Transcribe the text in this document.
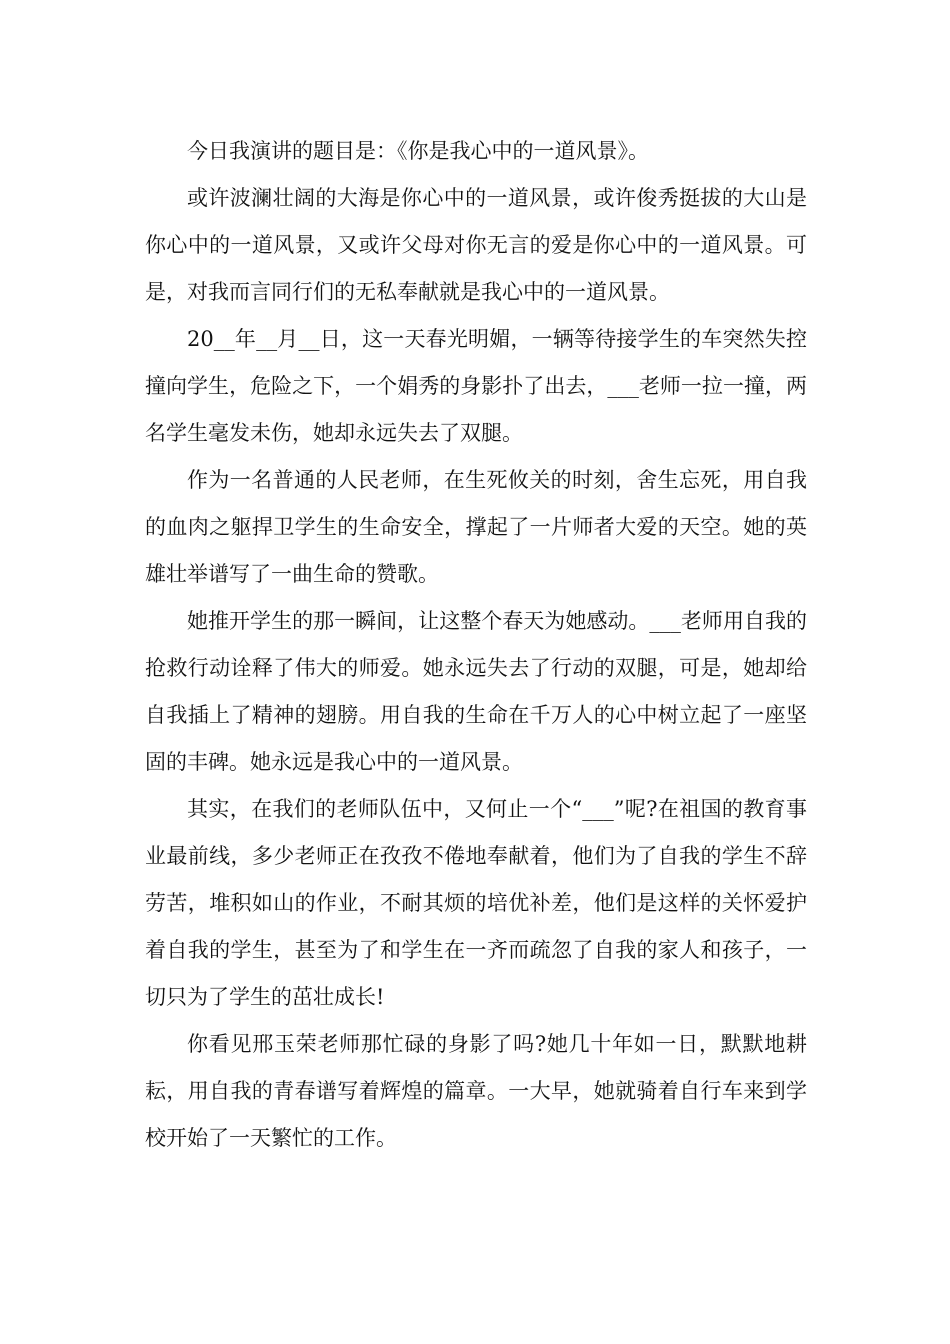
今日我演讲的题目是：《你是我心中的一道风景》。

或许波澜壮阔的大海是你心中的一道风景，或许俊秀挺拔的大山是你心中的一道风景，又或许父母对你无言的爱是你心中的一道风景。可是，对我而言同行们的无私奉献就是我心中的一道风景。

20__年__月__日，这一天春光明媚，一辆等待接学生的车突然失控撞向学生，危险之下，一个娟秀的身影扑了出去，___老师一拉一撞，两名学生毫发未伤，她却永远失去了双腿。

作为一名普通的人民老师，在生死攸关的时刻，舍生忘死，用自我的血肉之躯捍卫学生的生命安全，撑起了一片师者大爱的天空。她的英雄壮举谱写了一曲生命的赞歌。

她推开学生的那一瞬间，让这整个春天为她感动。___老师用自我的抢救行动诠释了伟大的师爱。她永远失去了行动的双腿，可是，她却给自我插上了精神的翅膀。用自我的生命在千万人的心中树立起了一座坚固的丰碑。她永远是我心中的一道风景。

其实，在我们的老师队伍中，又何止一个“___”呢?在祖国的教育事业最前线，多少老师正在孜孜不倦地奉献着，他们为了自我的学生不辞劳苦，堆积如山的作业，不耐其烦的培优补差，他们是这样的关怀爱护着自我的学生，甚至为了和学生在一齐而疏忽了自我的家人和孩子，一切只为了学生的茁壮成长!

你看见邢玉荣老师那忙碌的身影了吗?她几十年如一日，默默地耕耘，用自我的青春谱写着辉煌的篇章。一大早，她就骑着自行车来到学校开始了一天繁忙的工作。
